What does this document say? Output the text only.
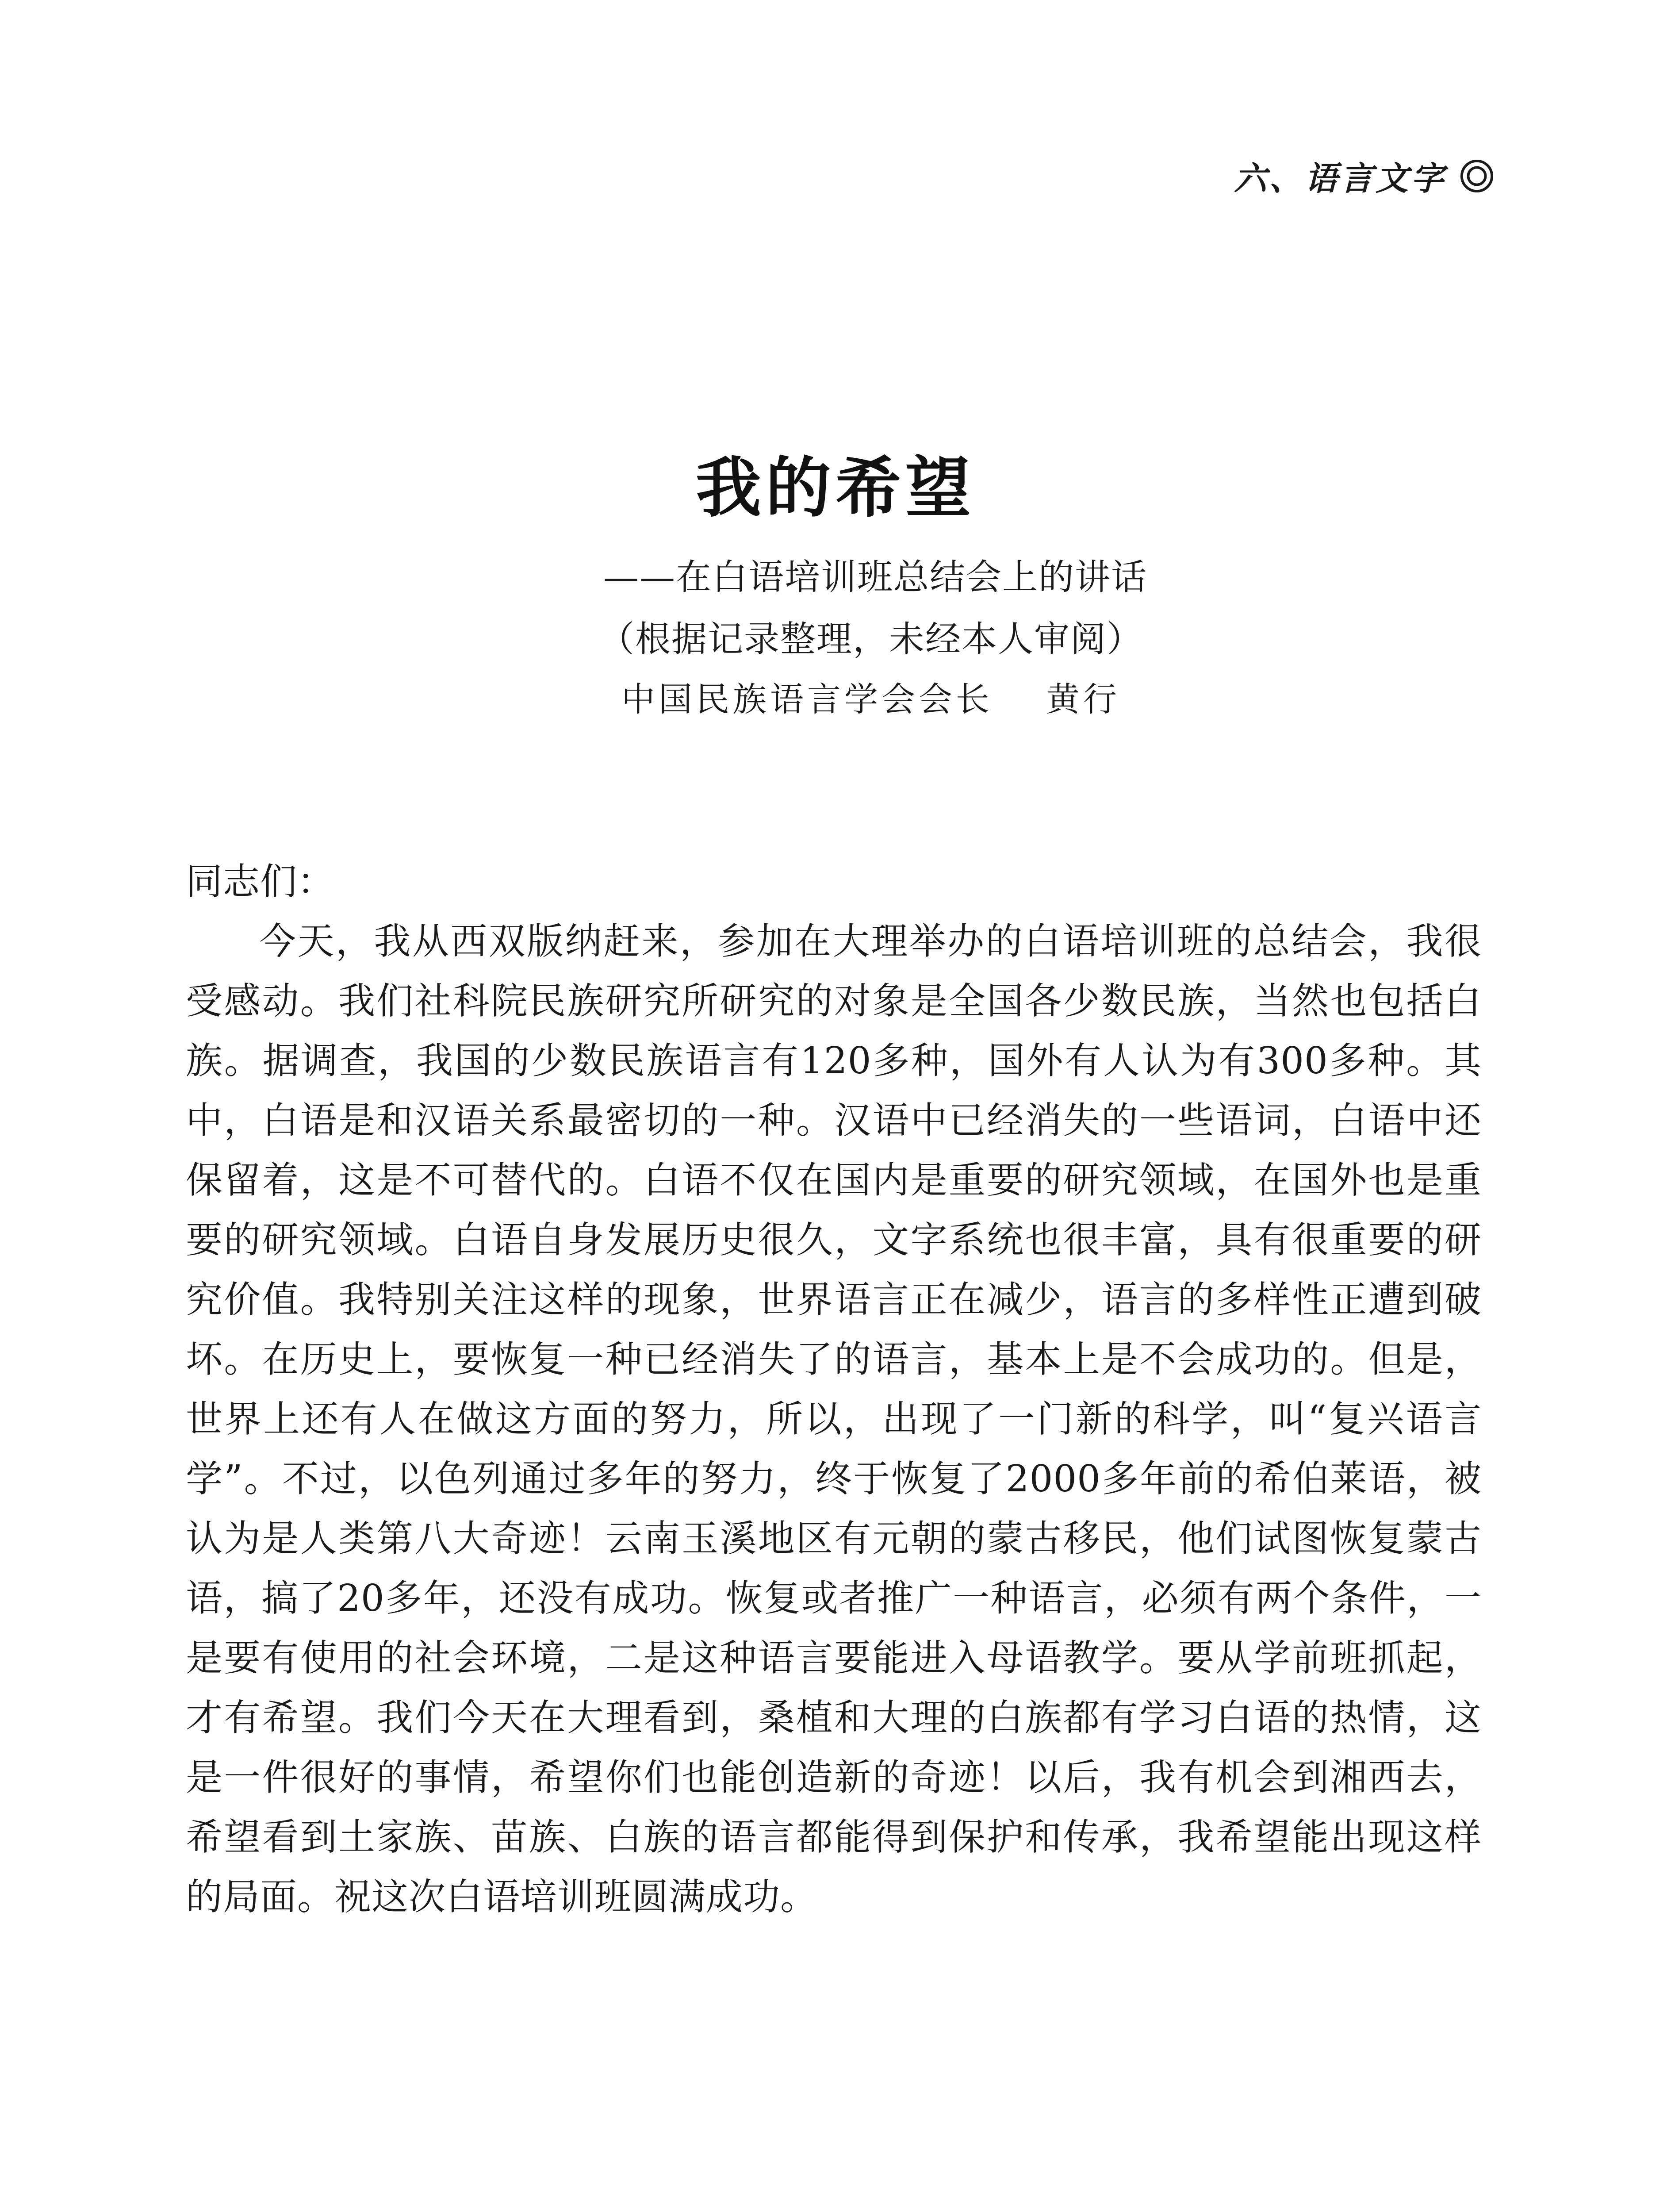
六、语言文字
我的希望
——在白语培训班总结会上的讲话
（根据记录整理，未经本人审阅）
中国民族语言学会会长 黄行

同志们：

今天，我从西双版纳赶来，参加在大理举办的白语培训班的总结会，我很受感动。我们社科院民族研究所研究的对象是全国各少数民族，当然也包括白族。据调查，我国的少数民族语言有120多种，国外有人认为有300多种。其中，白语是和汉语关系最密切的一种。汉语中已经消失的一些语词，白语中还保留着，这是不可替代的。白语不仅在国内是重要的研究领域，在国外也是重要的研究领域。白语自身发展历史很久，文字系统也很丰富，具有很重要的研究价值。我特别关注这样的现象，世界语言正在减少，语言的多样性正遭到破坏。在历史上，要恢复一种已经消失了的语言，基本上是不会成功的。但是，世界上还有人在做这方面的努力，所以，出现了一门新的科学，叫“复兴语言学”。不过，以色列通过多年的努力，终于恢复了2000多年前的希伯莱语，被认为是人类第八大奇迹！云南玉溪地区有元朝的蒙古移民，他们试图恢复蒙古语，搞了20多年，还没有成功。恢复或者推广一种语言，必须有两个条件，一是要有使用的社会环境，二是这种语言要能进入母语教学。要从学前班抓起，才有希望。我们今天在大理看到，桑植和大理的白族都有学习白语的热情，这是一件很好的事情，希望你们也能创造新的奇迹！以后，我有机会到湘西去，希望看到土家族、苗族、白族的语言都能得到保护和传承，我希望能出现这样的局面。祝这次白语培训班圆满成功。
